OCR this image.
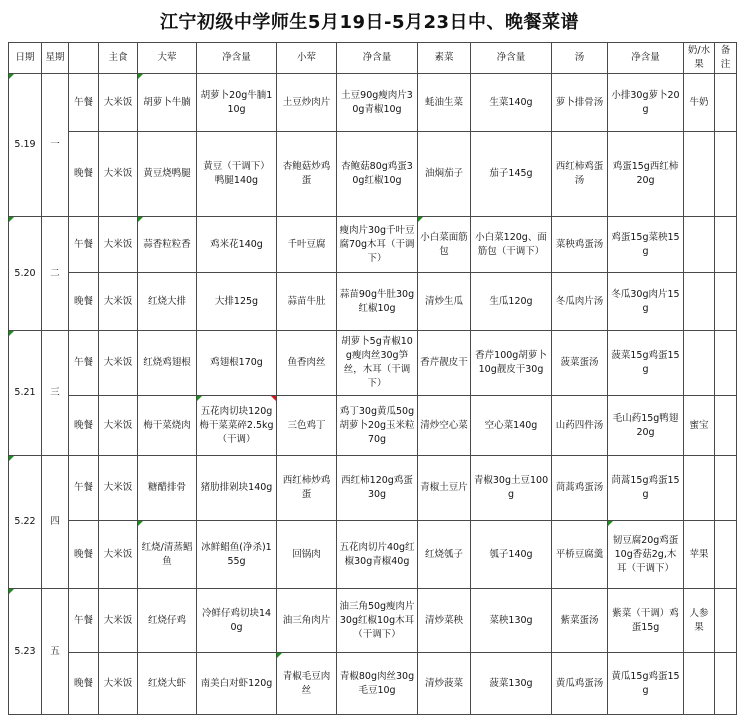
江宁初级中学师生5月19日-5月23日中、晚餐菜谱
日期	星期		主食	大荤	净含量	小荤	净含量	素菜	净含量	汤	净含量	奶/水果	备注
5.19	一	午餐	大米饭	胡萝卜牛腩	胡萝卜20g牛腩110g	土豆炒肉片	土豆90g瘦肉片30g青椒10g	蚝油生菜	生菜140g	萝卜排骨汤	小排30g萝卜20g	牛奶	
		晚餐	大米饭	黄豆烧鸭腿	黄豆（干调下）鸭腿140g	杏鲍菇炒鸡蛋	杏鲍菇80g鸡蛋30g红椒10g	油焖茄子	茄子145g	西红柿鸡蛋汤	鸡蛋15g西红柿20g		
5.20	二	午餐	大米饭	蒜香粒粒香	鸡米花140g	千叶豆腐	瘦肉片30g千叶豆腐70g木耳（干调下）	小白菜面筋包	小白菜120g、面筋包（干调下）	菜秧鸡蛋汤	鸡蛋15g菜秧15g		
		晚餐	大米饭	红烧大排	大排125g	蒜苗牛肚	蒜苗90g牛肚30g红椒10g	清炒生瓜	生瓜120g	冬瓜肉片汤	冬瓜30g肉片15g		
5.21	三	午餐	大米饭	红烧鸡翅根	鸡翅根170g	鱼香肉丝	胡萝卜5g青椒10g瘦肉丝30g笋丝，木耳（干调下）	香芹靓皮干	香芹100g胡萝卜10g靓皮干30g	菠菜蛋汤	菠菜15g鸡蛋15g		
		晚餐	大米饭	梅干菜烧肉	五花肉切块120g梅干菜菜碎2.5kg（干调）	三色鸡丁	鸡丁30g黄瓜50g胡萝卜20g玉米粒70g	清炒空心菜	空心菜140g	山药四件汤	毛山药15g鸭翅20g	蜜宝	
5.22	四	午餐	大米饭	糖醋排骨	猪肋排剁块140g	西红柿炒鸡蛋	西红柿120g鸡蛋30g	青椒土豆片	青椒30g土豆100g	茼蒿鸡蛋汤	茼蒿15g鸡蛋15g		
		晚餐	大米饭	红烧/清蒸鲳鱼	冰鲜鲳鱼(净杀)155g	回锅肉	五花肉切片40g红椒30g青椒40g	红烧瓠子	瓠子140g	平桥豆腐羹	韧豆腐20g鸡蛋10g香菇2g,木耳（干调下）	苹果	
5.23	五	午餐	大米饭	红烧仔鸡	冷鲜仔鸡切块140g	油三角肉片	油三角50g瘦肉片30g红椒10g木耳（干调下）	清炒菜秧	菜秧130g	紫菜蛋汤	紫菜（干调）鸡蛋15g	人参果	
		晚餐	大米饭	红烧大虾	南美白对虾120g	青椒毛豆肉丝	青椒80g肉丝30g毛豆10g	清炒菠菜	菠菜130g	黄瓜鸡蛋汤	黄瓜15g鸡蛋15g		
